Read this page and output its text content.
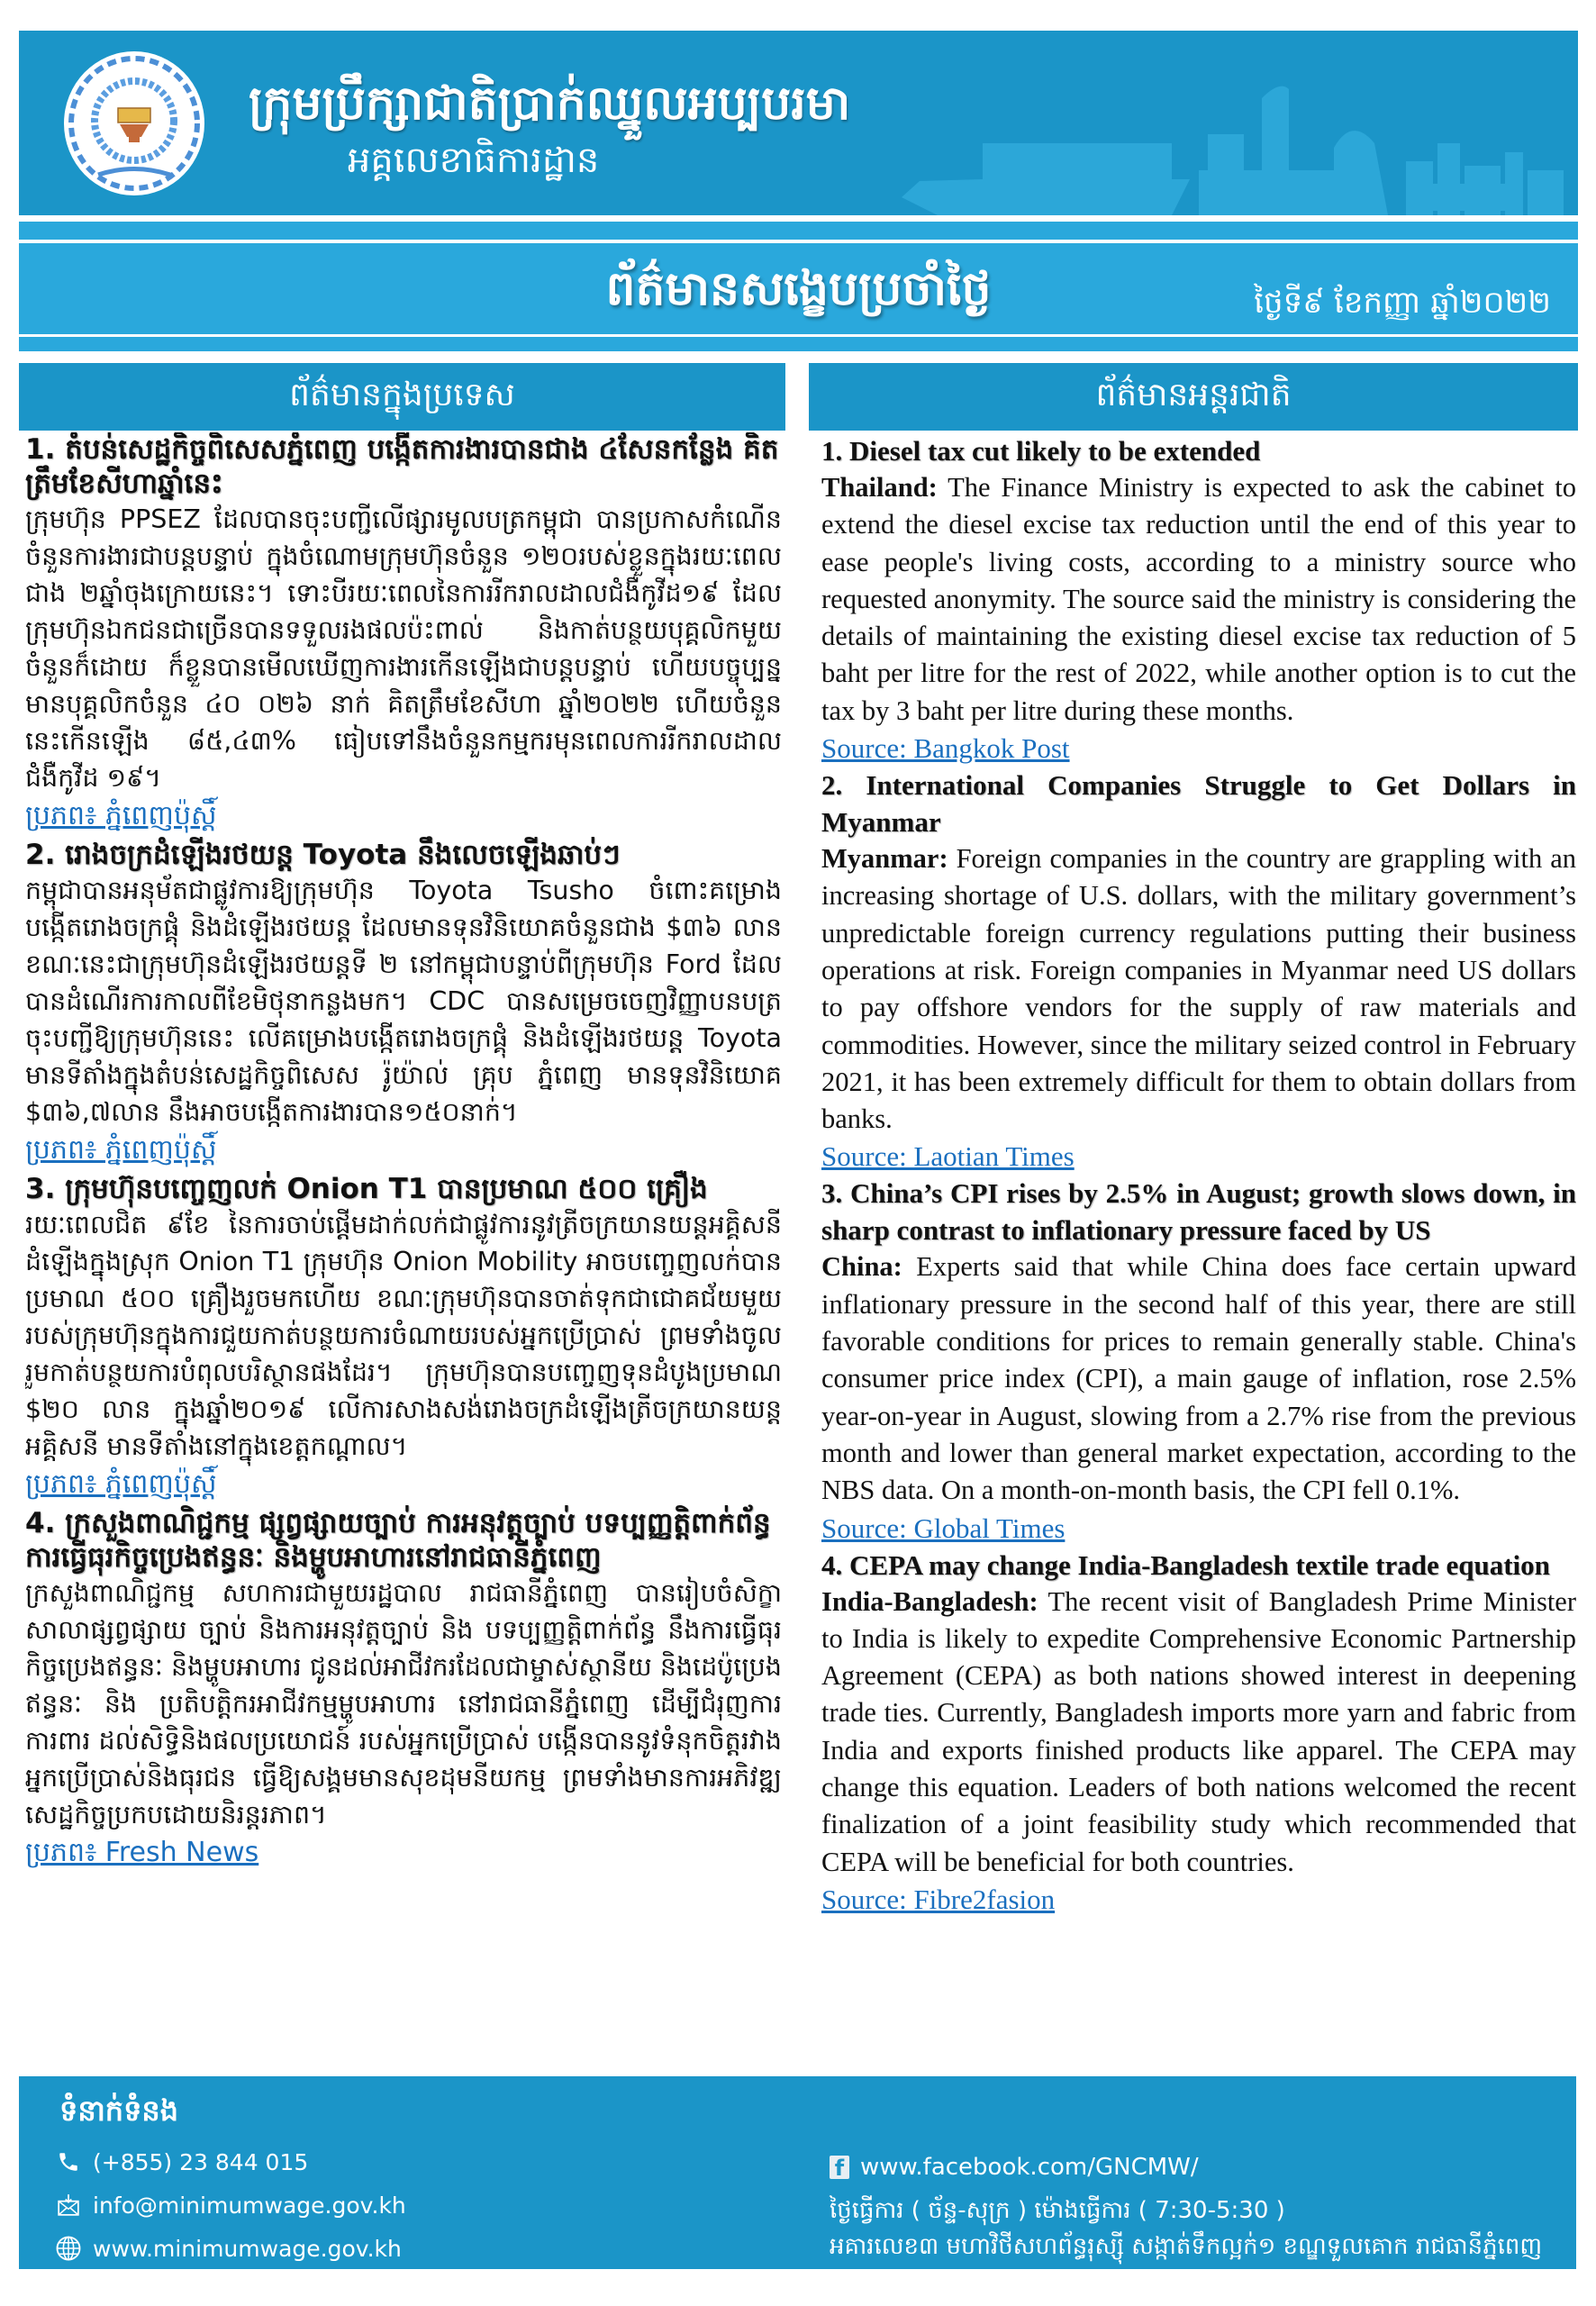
ក្រុមប្រឹក្សាជាតិប្រាក់ឈ្នួលអប្បបរមា
អគ្គលេខាធិការដ្ឋាន
ព័ត៌មានសង្ខេបប្រចាំថ្ងៃ	ថ្ងៃទី៩ ខែកញ្ញា ឆ្នាំ២០២២
ព័ត៌មានក្នុងប្រទេស	ព័ត៌មានអន្តរជាតិ

1. តំបន់សេដ្ឋកិច្ចពិសេសភ្នំពេញ បង្កើតការងារបានជាង ៤សែនកន្លែង គិតត្រឹមខែសីហាឆ្នាំនេះ

ក្រុមហ៊ុន PPSEZ ដែលបានចុះបញ្ជីលើផ្សារមូលបត្រកម្ពុជា បានប្រកាសកំណើនចំនួនការងារជាបន្តបន្ទាប់ ក្នុងចំណោមក្រុមហ៊ុនចំនួន ១២០របស់ខ្លួនក្នុងរយៈពេលជាង ២ឆ្នាំចុងក្រោយនេះ។ ទោះបីរយៈពេលនៃការរីករាលដាលជំងឺកូវីដ១៩ ដែលក្រុមហ៊ុនឯកជនជាច្រើនបានទទួលរងផលប៉ះពាល់ និងកាត់បន្ថយបុគ្គលិកមួយចំនួនក៏ដោយ ក៏ខ្លួនបានមើលឃើញការងារកើនឡើងជាបន្តបន្ទាប់ ហើយបច្ចុប្បន្នមានបុគ្គលិកចំនួន ៤០ ០២៦ នាក់ គិតត្រឹមខែសីហា ឆ្នាំ២០២២ ហើយចំនួននេះកើនឡើង ៨៥,៤៣% ធៀបទៅនឹងចំនួនកម្មករមុនពេលការរីករាលដាលជំងឺកូវីដ ១៩។

ប្រភព៖ ភ្នំពេញប៉ុស្ដិ៍

2. រោងចក្រដំឡើងរថយន្ត Toyota នឹងលេចឡើងឆាប់ៗ

កម្ពុជាបានអនុម័តជាផ្លូវការឱ្យក្រុមហ៊ុន Toyota Tsusho ចំពោះគម្រោងបង្កើតរោងចក្រផ្គុំ និងដំឡើងរថយន្ត ដែលមានទុនវិនិយោគចំនួនជាង $៣៦ លាន ខណៈនេះជាក្រុមហ៊ុនដំឡើងរថយន្តទី ២ នៅកម្ពុជាបន្ទាប់ពីក្រុមហ៊ុន Ford ដែលបានដំណើរការកាលពីខែមិថុនាកន្លងមក។ CDC បានសម្រេចចេញវិញ្ញាបនបត្រចុះបញ្ជីឱ្យក្រុមហ៊ុននេះ លើគម្រោងបង្កើតរោងចក្រផ្គុំ និងដំឡើងរថយន្ត Toyota មានទីតាំងក្នុងតំបន់សេដ្ឋកិច្ចពិសេស រ៉ូយ៉ាល់ គ្រុប ភ្នំពេញ មានទុនវិនិយោគ $៣៦,៧លាន នឹងអាចបង្កើតការងារបាន១៥០នាក់។

ប្រភព៖ ភ្នំពេញប៉ុស្ដិ៍

3. ក្រុមហ៊ុនបញ្ចេញលក់ Onion T1 បានប្រមាណ ៥០០ គ្រឿង

រយៈពេលជិត ៩ខែ នៃការចាប់ផ្ដើមដាក់លក់ជាផ្លូវការនូវត្រីចក្រយានយន្តអគ្គិសនីដំឡើងក្នុងស្រុក Onion T1 ក្រុមហ៊ុន Onion Mobility អាចបញ្ចេញលក់បានប្រមាណ ៥០០ គ្រឿងរួចមកហើយ ខណៈក្រុមហ៊ុនបានចាត់ទុកជាជោគជ័យមួយរបស់ក្រុមហ៊ុនក្នុងការជួយកាត់បន្ថយការចំណាយរបស់អ្នកប្រើប្រាស់ ព្រមទាំងចូលរួមកាត់បន្ថយការបំពុលបរិស្ថានផងដែរ។ ក្រុមហ៊ុនបានបញ្ចេញទុនដំបូងប្រមាណ $២០ លាន ក្នុងឆ្នាំ២០១៩ លើការសាងសង់រោងចក្រដំឡើងត្រីចក្រយានយន្តអគ្គិសនី មានទីតាំងនៅក្នុងខេត្តកណ្ដាល។

ប្រភព៖ ភ្នំពេញប៉ុស្ដិ៍

4. ក្រសួងពាណិជ្ជកម្ម ផ្សព្វផ្សាយច្បាប់ ការអនុវត្តច្បាប់ បទប្បញ្ញត្តិពាក់ព័ន្ធការធ្វើធុរកិច្ចប្រេងឥន្ធនៈ និងម្ហូបអាហារនៅរាជធានីភ្នំពេញ

ក្រសួងពាណិជ្ជកម្ម សហការជាមួយរដ្ឋបាល រាជធានីភ្នំពេញ បានរៀបចំសិក្ខា សាលាផ្សព្វផ្សាយ ច្បាប់ និងការអនុវត្តច្បាប់ និង បទប្បញ្ញត្តិពាក់ព័ន្ធ នឹងការធ្វើធុរកិច្ចប្រេងឥន្ធនៈ និងម្ហូបអាហារ ជូនដល់អាជីវករដែលជាម្ចាស់ស្ថានីយ និងដេប៉ូប្រេងឥន្ធនៈ និង ប្រតិបត្តិករអាជីវកម្មម្ហូបអាហារ នៅរាជធានីភ្នំពេញ ដើម្បីជំរុញការការពារ ដល់សិទ្ធិនិងផលប្រយោជន៍ របស់អ្នកប្រើប្រាស់ បង្កើនបាននូវទំនុកចិត្តរវាងអ្នកប្រើប្រាស់និងធុរជន ធ្វើឱ្យសង្គមមានសុខដុមនីយកម្ម ព្រមទាំងមានការអភិវឌ្ឍ សេដ្ឋកិច្ចប្រកបដោយនិរន្តរភាព។

ប្រភព៖ Fresh News

1. Diesel tax cut likely to be extended

Thailand: The Finance Ministry is expected to ask the cabinet to extend the diesel excise tax reduction until the end of this year to ease people's living costs, according to a ministry source who requested anonymity. The source said the ministry is considering the details of maintaining the existing diesel excise tax reduction of 5 baht per litre for the rest of 2022, while another option is to cut the tax by 3 baht per litre during these months.

Source: Bangkok Post

2. International Companies Struggle to Get Dollars in Myanmar

Myanmar: Foreign companies in the country are grappling with an increasing shortage of U.S. dollars, with the military government’s unpredictable foreign currency regulations putting their business operations at risk. Foreign companies in Myanmar need US dollars to pay offshore vendors for the supply of raw materials and commodities. However, since the military seized control in February 2021, it has been extremely difficult for them to obtain dollars from banks.

Source: Laotian Times

3. China’s CPI rises by 2.5% in August; growth slows down, in sharp contrast to inflationary pressure faced by US

China: Experts said that while China does face certain upward inflationary pressure in the second half of this year, there are still favorable conditions for prices to remain generally stable. China's consumer price index (CPI), a main gauge of inflation, rose 2.5% year-on-year in August, slowing from a 2.7% rise from the previous month and lower than general market expectation, according to the NBS data. On a month-on-month basis, the CPI fell 0.1%.

Source: Global Times

4. CEPA may change India-Bangladesh textile trade equation

India-Bangladesh: The recent visit of Bangladesh Prime Minister to India is likely to expedite Comprehensive Economic Partnership Agreement (CEPA) as both nations showed interest in deepening trade ties. Currently, Bangladesh imports more yarn and fabric from India and exports finished products like apparel. The CEPA may change this equation. Leaders of both nations welcomed the recent finalization of a joint feasibility study which recommended that CEPA will be beneficial for both countries.

Source: Fibre2fasion
ទំនាក់ទំនង
(+855) 23 844 015
info@minimumwage.gov.kh
www.minimumwage.gov.kh
f www.facebook.com/GNCMW/
ថ្ងៃធ្វើការ ( ច័ន្ទ-សុក្រ ) ម៉ោងធ្វើការ ( 7:30-5:30 )
អគារលេខ៣ មហាវិថីសហព័ន្ធរុស្ស៊ី សង្កាត់ទឹកល្អក់១ ខណ្ឌទួលគោក រាជធានីភ្នំពេញ
